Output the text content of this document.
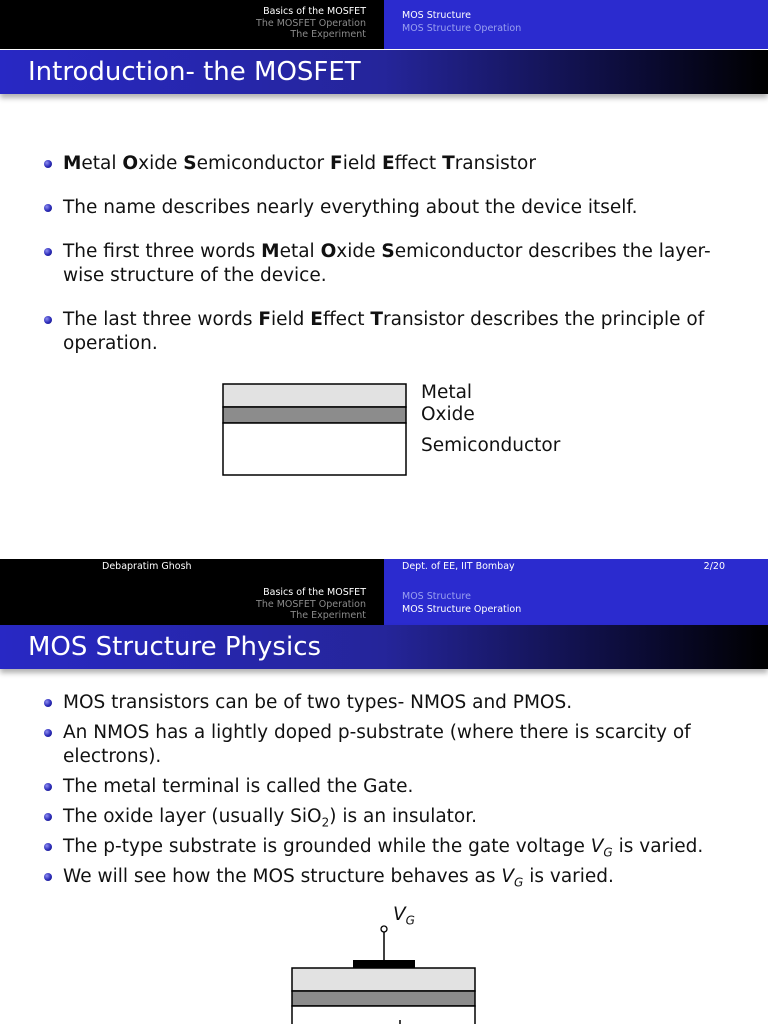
Basics of the MOSFET
The MOSFET Operation
The Experiment
MOS Structure
MOS Structure Operation
Introduction- the MOSFET
Metal Oxide Semiconductor Field Effect Transistor
The name describes nearly everything about the device itself.
The first three words Metal Oxide Semiconductor describes the layer-wise structure of the device.
The last three words Field Effect Transistor describes the principle of operation.
Metal
Oxide
Semiconductor
Debapratim Ghosh	Dept. of EE, IIT Bombay	2/20
Basics of the MOSFET
The MOSFET Operation
The Experiment
MOS Structure
MOS Structure Operation
MOS Structure Physics
MOS transistors can be of two types- NMOS and PMOS.
An NMOS has a lightly doped p-substrate (where there is scarcity of electrons).
The metal terminal is called the Gate.
The oxide layer (usually SiO$_2$) is an insulator.
The p-type substrate is grounded while the gate voltage $V_G$ is varied.
We will see how the MOS structure behaves as $V_G$ is varied.
$V_G$
